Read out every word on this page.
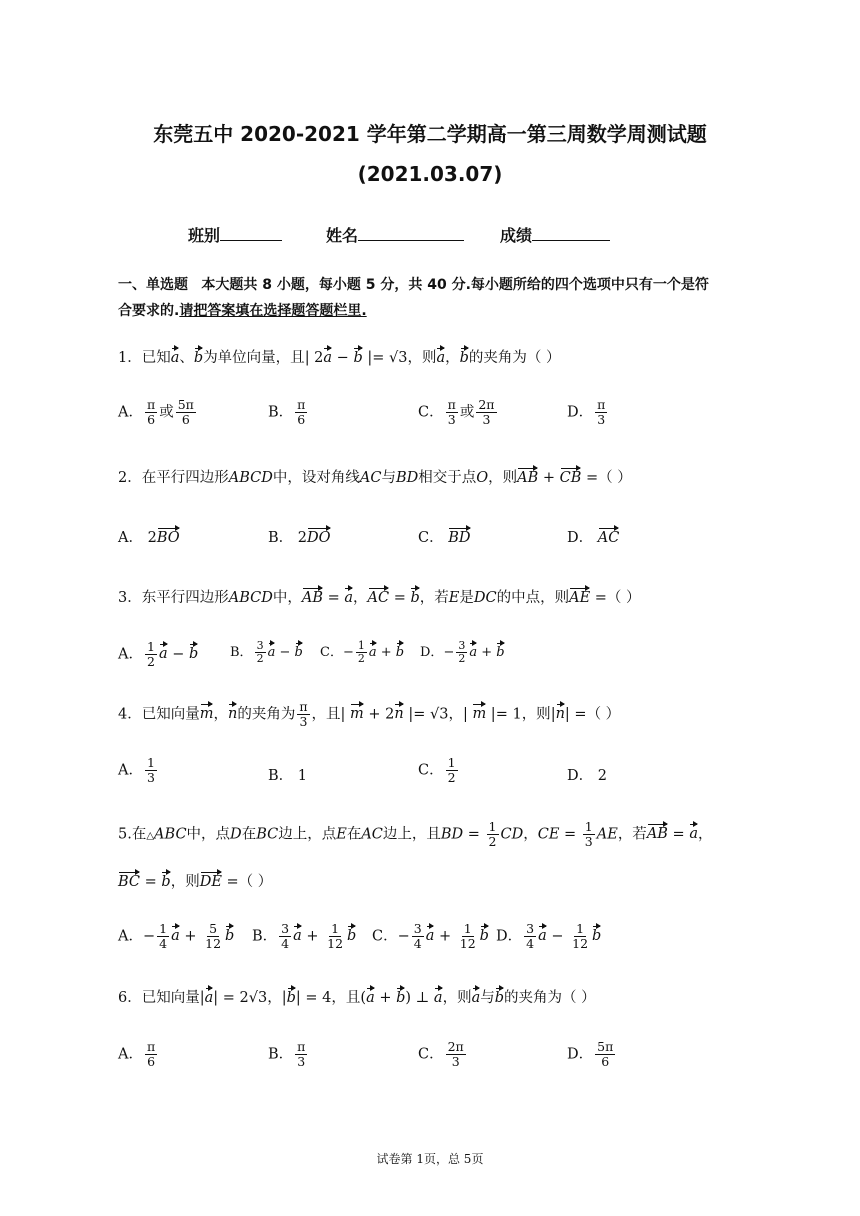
东莞五中 2020-2021 学年第二学期高一第三周数学周测试题
(2021.03.07)
班别	姓名	成绩
一、单选题 本大题共 8 小题，每小题 5 分，共 40 分.每小题所给的四个选项中只有一个是符
合要求的.请把答案填在选择题答题栏里.
1．已知a、b为单位向量，且| 2a − b |= √3，则a，b的夹角为（ ）
A． $\frac{\pi}{6}$ 或 $\frac{5\pi}{6}$	B． $\frac{\pi}{6}$	C． $\frac{\pi}{3}$ 或 $\frac{2\pi}{3}$	D． $\frac{\pi}{3}$
2．在平行四边形ABCD中，设对角线AC与BD相交于点O，则AB + CB =（ ）
A． 2BO	B． 2DO	C． BD	D． AC
3．东平行四边形ABCD中，AB = a，AC = b，若E是DC的中点，则AE =（ ）
A． $\frac{1}{2}$ a − b B． $\frac{3}{2}$ a − b C．− $\frac{1}{2}$ a + b D．− $\frac{3}{2}$ a + b
4．已知向量m，n的夹角为 $\frac{\pi}{3}$ ，且| m + 2n |= √3，| m |= 1，则|n| =（ ）
A． $\frac{1}{3}$	B． 1	C． $\frac{1}{2}$	D． 2
5.在△ABC中，点D在BC边上，点E在AC边上，且BD = $\frac{1}{2}$ CD，CE = $\frac{1}{3}$ AE，若AB = a，
BC = b，则DE =（ ）
A．− $\frac{1}{4}$ $a + \frac{5}{12}$ b B． $\frac{3}{4}$ $a + \frac{1}{12}$ b C．− $\frac{3}{4}$ $a + \frac{1}{12}$ b D． $\frac{3}{4}$ $a - \frac{1}{12}$ b
6．已知向量|a| = 2√3，|b| = 4，且(a + b) ⊥ a，则a与b的夹角为（ ）
A． $\frac{\pi}{6}$	B． $\frac{\pi}{3}$	C． $\frac{2\pi}{3}$	D． $\frac{5\pi}{6}$
试卷第 1页，总 5页
